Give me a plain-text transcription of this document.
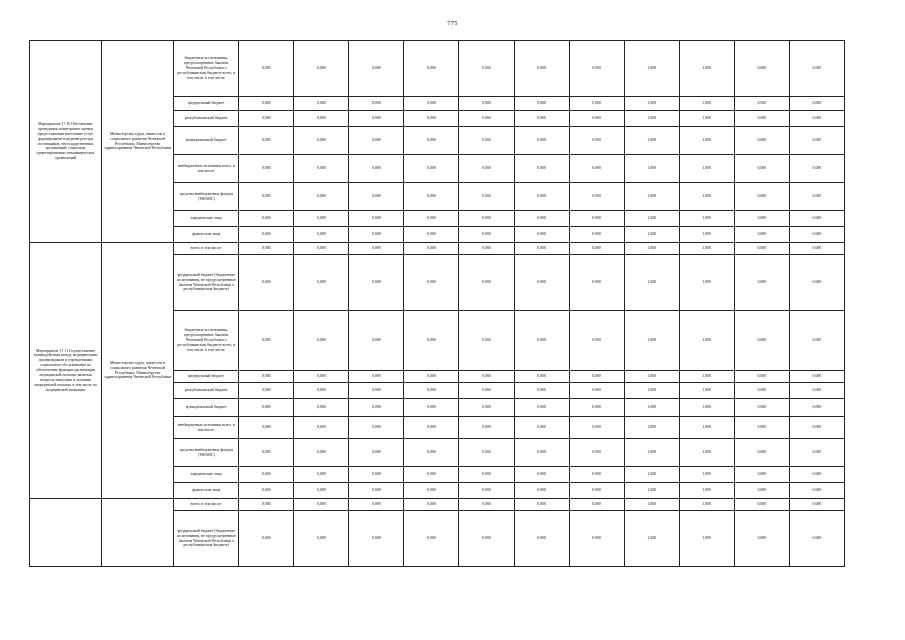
775
Мероприятие 17.10 Обеспечение проведения мониторинга оценки предоставления населению услуг, формирование и ведение реестра поставщиков, негосударственных организаций, социально ориентированных некоммерческих организаций	Министерство труда, занятости и социального развития Чеченской Республики, Министерство здравоохранения Чеченской Республики	бюджетные ассигнования, предусмотренные Законом Чеченской Республики о республиканском бюджете всего, в том числе, в том числе:	0,000	0,000	0,000	0,000	0,000	0,000	0,000	1,000	1,000	0,000	0,000
		федеральный бюджет	0,000	0,000	0,000	0,000	0,000	0,000	0,000	1,000	1,000	0,000	0,000
		республиканский бюджет	0,000	0,000	0,000	0,000	0,000	0,000	0,000	1,000	1,000	0,000	0,000
		муниципальный бюджет	0,000	0,000	0,000	0,000	0,000	0,000	0,000	1,000	1,000	0,000	0,000
		внебюджетные источники всего, в том числе:	0,000	0,000	0,000	0,000	0,000	0,000	0,000	1,000	1,000	0,000	0,000
		средства внебюджетных фондов (ТФОМС)	0,000	0,000	0,000	0,000	0,000	0,000	0,000	1,000	1,000	0,000	0,000
		юридические лица	0,000	0,000	0,000	0,000	0,000	0,000	0,000	1,000	1,000	0,000	0,000
		физические лица	0,000	0,000	0,000	0,000	0,000	0,000	0,000	1,000	1,000	0,000	0,000
Мероприятие 17.11 Осуществление взаимодействия между медицинскими организациями и учреждениями социального обслуживания по обеспечению функции организации медицинской помощи, включая вопросы эвакуации и оказания медицинской помощи, в том числе по медицинской эвакуации	Министерство труда, занятости и социального развития Чеченской Республики, Министерство здравоохранения Чеченской Республики	всего, в том числе:	0,000	0,000	0,000	0,000	0,000	0,000	0,000	1,000	1,000	0,000	0,000
		федеральный бюджет (бюджетные ассигнования, не предусмотренные Законом Чеченской Республики о республиканском бюджете)	0,000	0,000	0,000	0,000	0,000	0,000	0,000	1,000	1,000	0,000	0,000
		бюджетные ассигнования, предусмотренные Законом Чеченской Республики о республиканском бюджете всего, в том числе, в том числе:	0,000	0,000	0,000	0,000	0,000	0,000	0,000	1,000	1,000	0,000	0,000
		федеральный бюджет	0,000	0,000	0,000	0,000	0,000	0,000	0,000	1,000	1,000	0,000	0,000
		республиканский бюджет	0,000	0,000	0,000	0,000	0,000	0,000	0,000	1,000	1,000	0,000	0,000
		муниципальный бюджет	0,000	0,000	0,000	0,000	0,000	0,000	0,000	1,000	1,000	0,000	0,000
		внебюджетные источники всего, в том числе:	0,000	0,000	0,000	0,000	0,000	0,000	0,000	1,000	1,000	0,000	0,000
		средства внебюджетных фондов (ТФОМС)	0,000	0,000	0,000	0,000	0,000	0,000	0,000	1,000	1,000	0,000	0,000
		юридические лица	0,000	0,000	0,000	0,000	0,000	0,000	0,000	1,000	1,000	0,000	0,000
		физические лица	0,000	0,000	0,000	0,000	0,000	0,000	0,000	1,000	1,000	0,000	0,000
		всего, в том числе:	0,000	0,000	0,000	0,000	0,000	0,000	0,000	1,000	1,000	0,000	0,000
		федеральный бюджет (бюджетные ассигнования, не предусмотренные Законом Чеченской Республики о республиканском бюджете)	0,000	0,000	0,000	0,000	0,000	0,000	0,000	1,000	1,000	0,000	0,000
